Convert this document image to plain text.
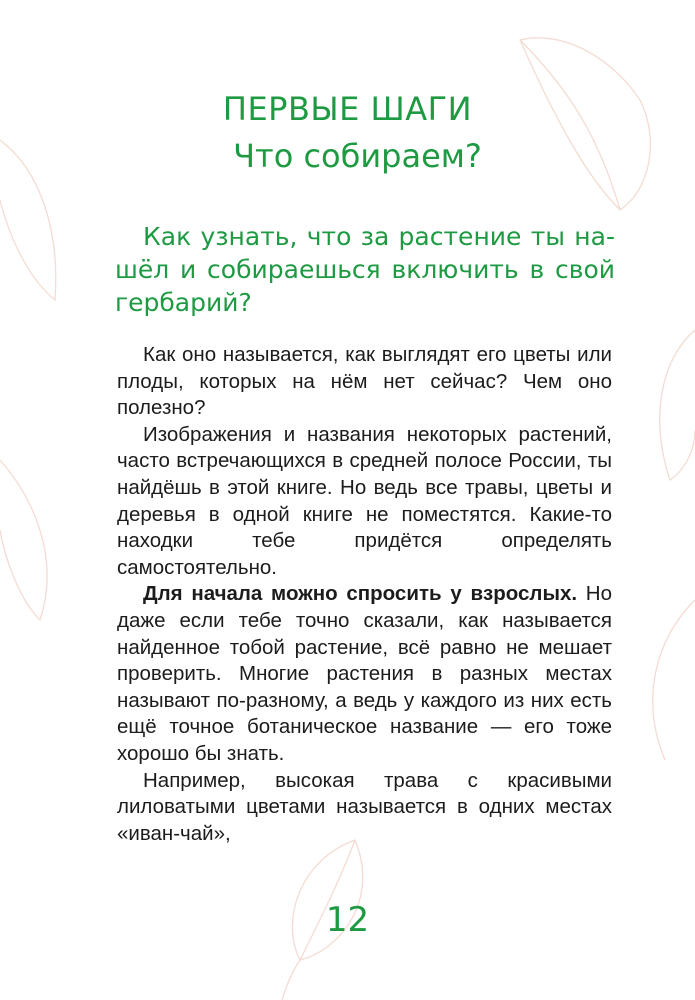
ПЕРВЫЕ ШАГИ
Что собираем?

Как узнать, что за растение ты нашёл и собираешься включить в свой гербарий?

Как оно называется, как выглядят его цветы или плоды, которых на нём нет сейчас? Чем оно полезно?

Изображения и названия некоторых растений, часто встречающихся в средней полосе России, ты найдёшь в этой книге. Но ведь все травы, цветы и деревья в одной книге не поместятся. Какие-то находки тебе придётся определять самостоятельно.

Для начала можно спросить у взрослых. Но даже если тебе точно сказали, как называется найденное тобой растение, всё равно не мешает проверить. Многие растения в разных местах называют по-разному, а ведь у каждого из них есть ещё точное ботаническое название — его тоже хорошо бы знать.

Например, высокая трава с красивыми лиловатыми цветами называется в одних местах «иван-чай»,

12
